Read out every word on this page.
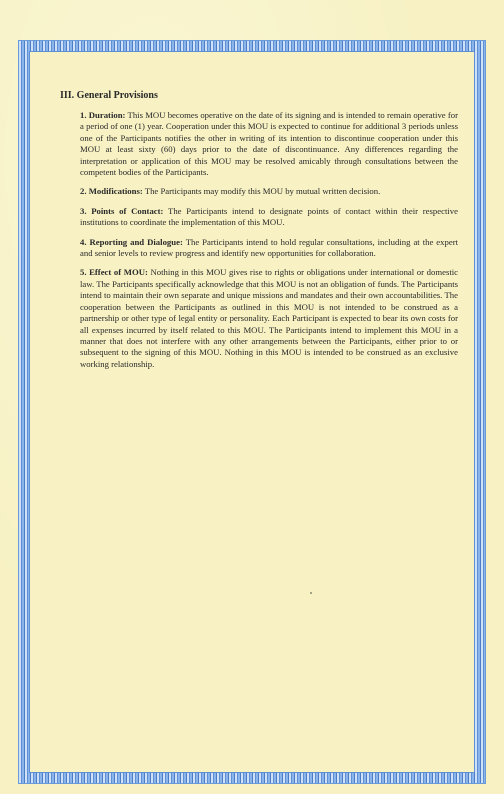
III. General Provisions

1. Duration: This MOU becomes operative on the date of its signing and is intended to remain operative for a period of one (1) year. Cooperation under this MOU is expected to continue for additional 3 periods unless one of the Participants notifies the other in writing of its intention to discontinue cooperation under this MOU at least sixty (60) days prior to the date of discontinuance. Any differences regarding the interpretation or application of this MOU may be resolved amicably through consultations between the competent bodies of the Participants.

2. Modifications: The Participants may modify this MOU by mutual written decision.

3. Points of Contact: The Participants intend to designate points of contact within their respective institutions to coordinate the implementation of this MOU.

4. Reporting and Dialogue: The Participants intend to hold regular consultations, including at the expert and senior levels to review progress and identify new opportunities for collaboration.

5. Effect of MOU: Nothing in this MOU gives rise to rights or obligations under international or domestic law. The Participants specifically acknowledge that this MOU is not an obligation of funds. The Participants intend to maintain their own separate and unique missions and mandates and their own accountabilities. The cooperation between the Participants as outlined in this MOU is not intended to be construed as a partnership or other type of legal entity or personality. Each Participant is expected to bear its own costs for all expenses incurred by itself related to this MOU. The Participants intend to implement this MOU in a manner that does not interfere with any other arrangements between the Participants, either prior to or subsequent to the signing of this MOU. Nothing in this MOU is intended to be construed as an exclusive working relationship.
